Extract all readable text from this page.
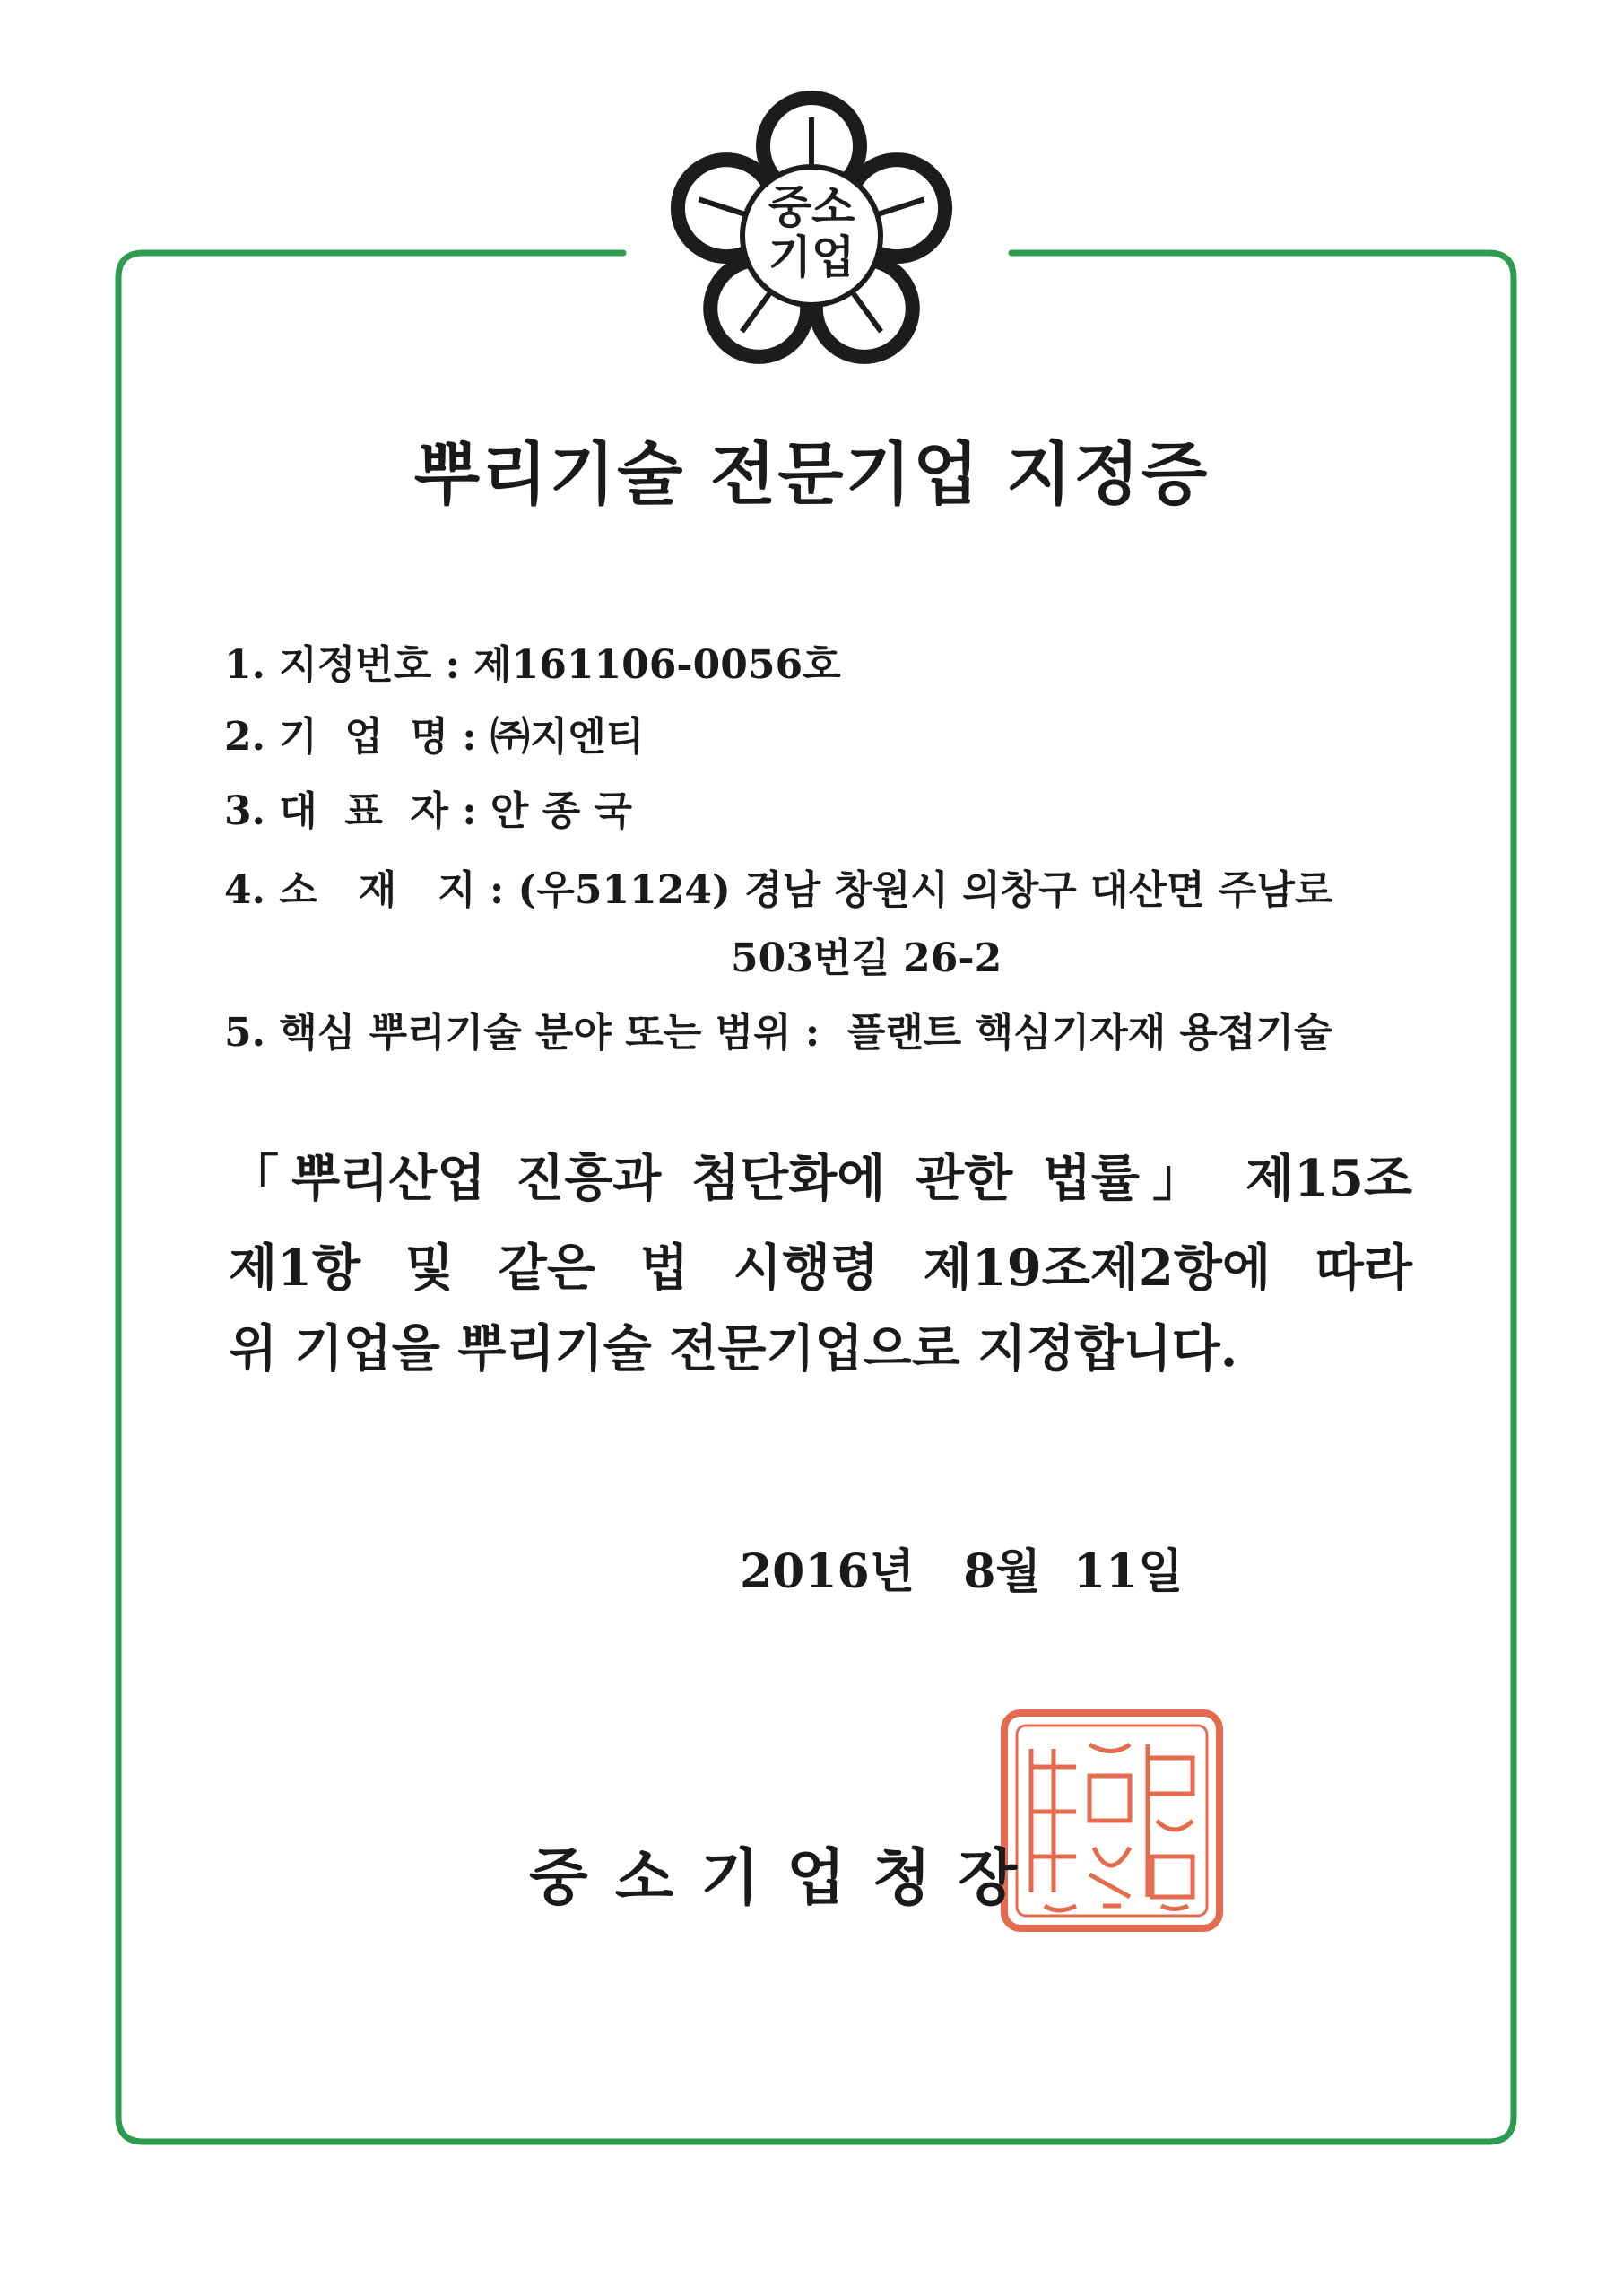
중소
기업
뿌리기술 전문기업 지정증
1. 지정번호 : 제161106-0056호
2. 기  업  명 : ㈜지엔티
3. 대  표  자 : 안 종 국
4. 소   재   지 : (우51124) 경남 창원시 의창구 대산면 주남로
503번길 26-2
5. 핵심 뿌리기술 분야 또는 범위 :  플랜트 핵심기자재 용접기술
「뿌리산업 진흥과 첨단화에 관한 법률」 제15조
제1항 및 같은 법 시행령 제19조제2항에 따라
위 기업을 뿌리기술 전문기업으로 지정합니다.
2016년   8월  11일
중소기업청장
